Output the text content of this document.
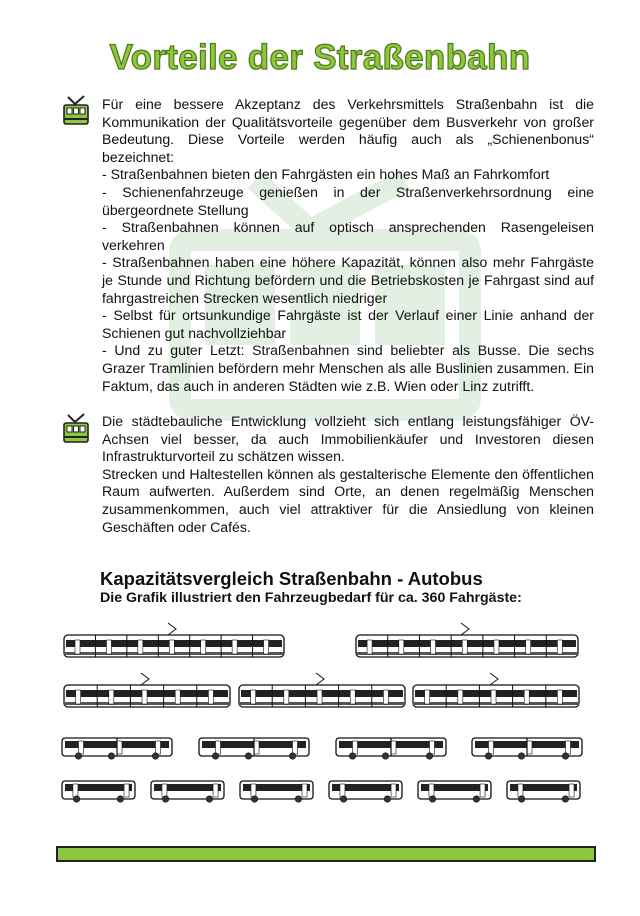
Vorteile der Straßenbahn
Für eine bessere Akzeptanz des Verkehrsmittels Straßenbahn ist die Kommunikation der Qualitätsvorteile gegenüber dem Busverkehr von großer Bedeutung. Diese Vorteile werden häufig auch als „Schienenbonus“ bezeichnet:
- Straßenbahnen bieten den Fahrgästen ein hohes Maß an Fahrkomfort
- Schienenfahrzeuge genießen in der Straßenverkehrsordnung eine übergeordnete Stellung
- Straßenbahnen können auf optisch ansprechenden Rasengeleisen verkehren
- Straßenbahnen haben eine höhere Kapazität, können also mehr Fahrgäste je Stunde und Richtung befördern und die Betriebskosten je Fahrgast sind auf fahrgastreichen Strecken wesentlich niedriger
- Selbst für ortsunkundige Fahrgäste ist der Verlauf einer Linie anhand der Schienen gut nachvollziehbar
- Und zu guter Letzt: Straßenbahnen sind beliebter als Busse. Die sechs Grazer Tramlinien befördern mehr Menschen als alle Buslinien zusammen. Ein Faktum, das auch in anderen Städten wie z.B. Wien oder Linz zutrifft.
Die städtebauliche Entwicklung vollzieht sich entlang leistungsfähiger ÖV-Achsen viel besser, da auch Immobilienkäufer und Investoren diesen Infrastrukturvorteil zu schätzen wissen.
Strecken und Haltestellen können als gestalterische Elemente den öffentlichen Raum aufwerten. Außerdem sind Orte, an denen regelmäßig Menschen zusammenkommen, auch viel attraktiver für die Ansiedlung von kleinen Geschäften oder Cafés.
Kapazitätsvergleich Straßenbahn - Autobus
Die Grafik illustriert den Fahrzeugbedarf für ca. 360 Fahrgäste:
